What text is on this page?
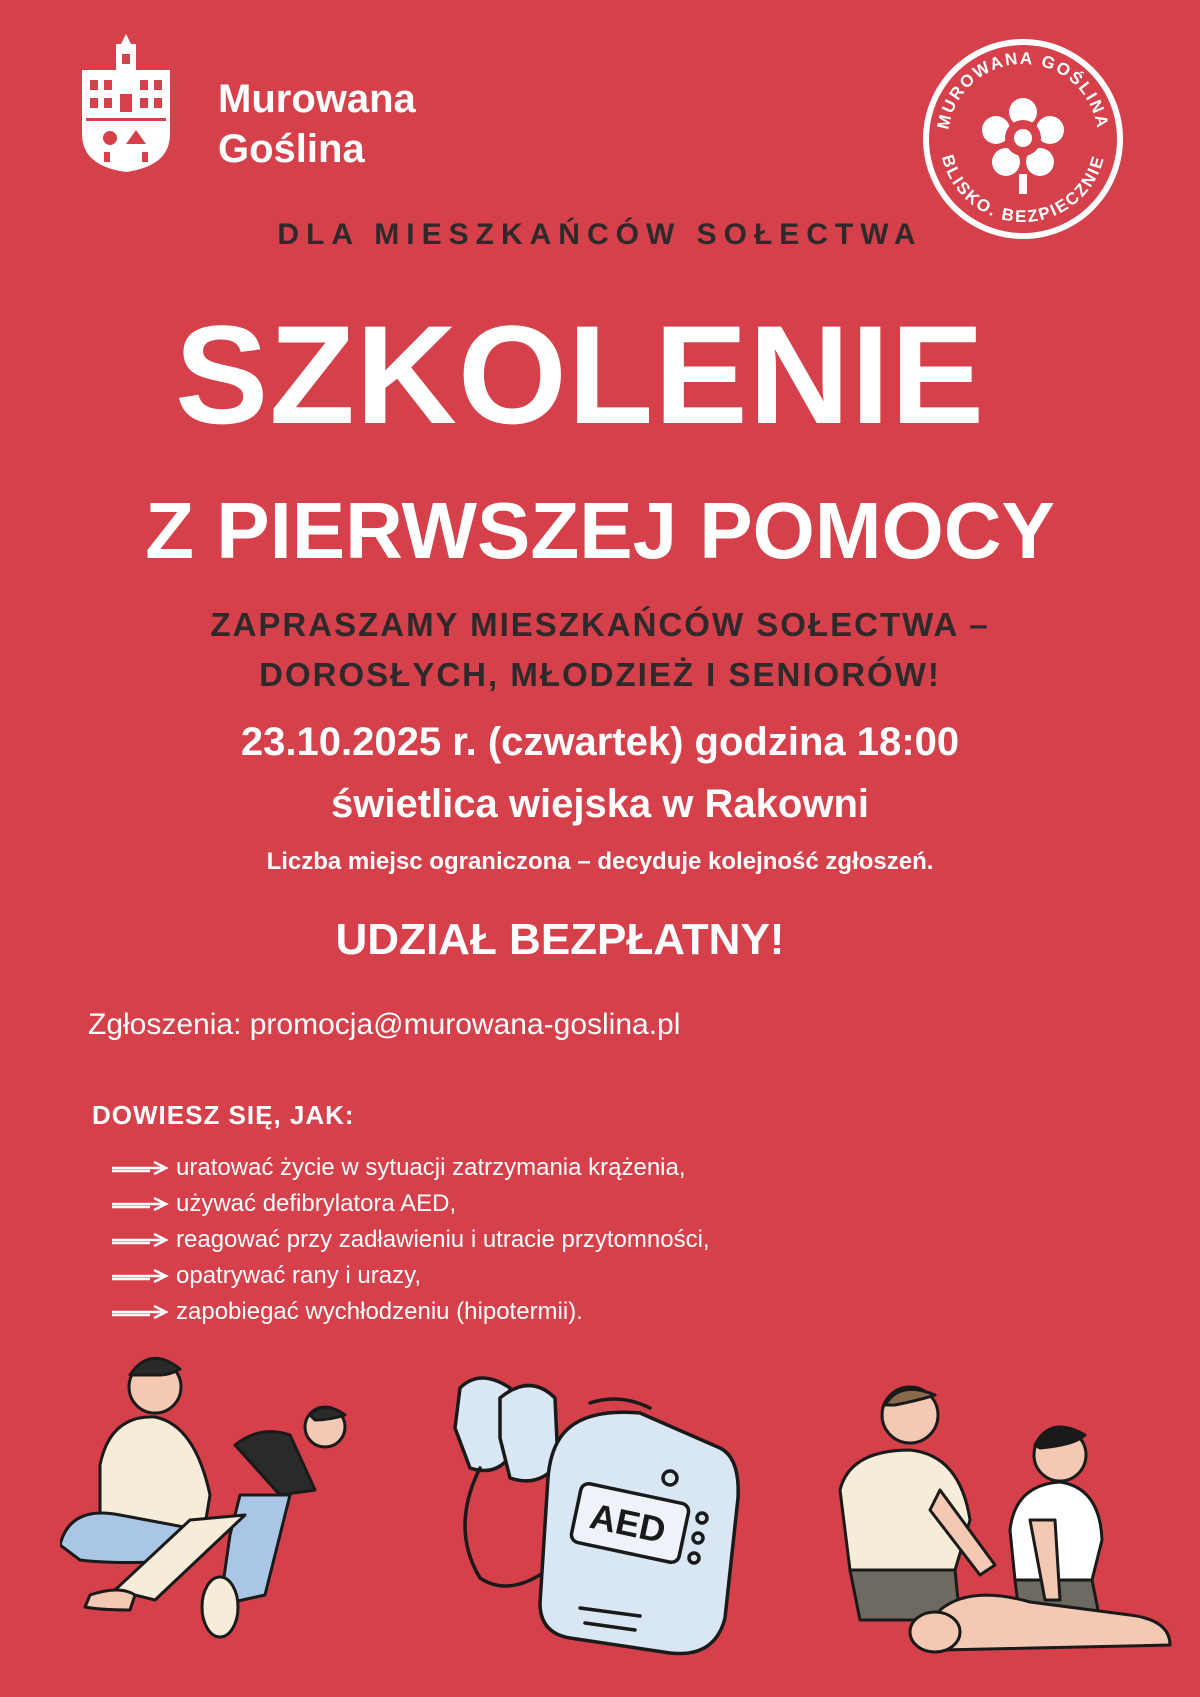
Murowana
Goślina
MUROWANA GOŚLINA
BLISKO. BEZPIECZNIE
DLA MIESZKAŃCÓW SOŁECTWA
SZKOLENIE
Z PIERWSZEJ POMOCY
ZAPRASZAMY MIESZKAŃCÓW SOŁECTWA –
DOROSŁYCH, MŁODZIEŻ I SENIORÓW!
23.10.2025 r. (czwartek) godzina 18:00
świetlica wiejska w Rakowni
Liczba miejsc ograniczona – decyduje kolejność zgłoszeń.
UDZIAŁ BEZPŁATNY!
Zgłoszenia: promocja@murowana-goslina.pl
DOWIESZ SIĘ, JAK:
uratować życie w sytuacji zatrzymania krążenia,
używać defibrylatora AED,
reagować przy zadławieniu i utracie przytomności,
opatrywać rany i urazy,
zapobiegać wychłodzeniu (hipotermii).
AED
